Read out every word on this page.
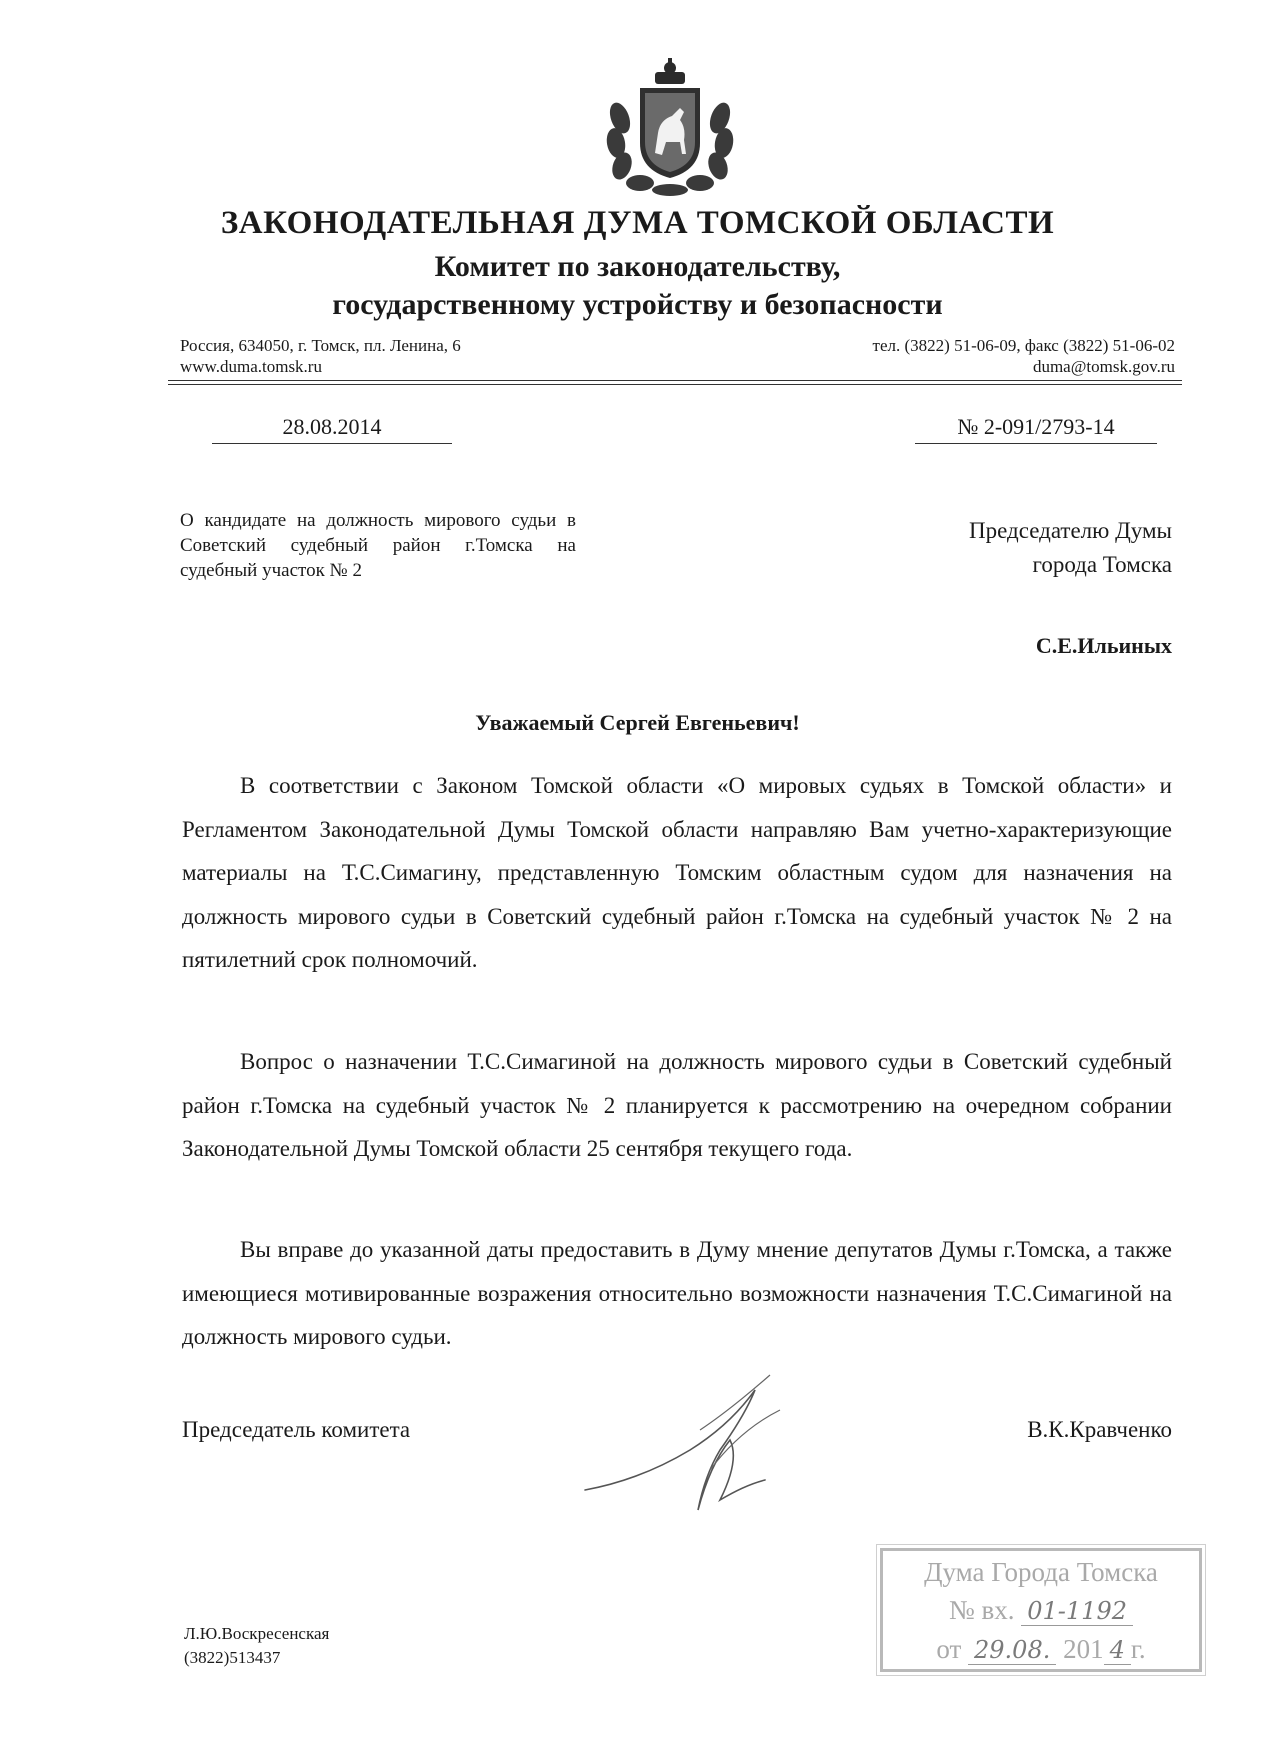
ЗАКОНОДАТЕЛЬНАЯ ДУМА ТОМСКОЙ ОБЛАСТИ
Комитет по законодательству,
государственному устройству и безопасности
Россия, 634050, г. Томск, пл. Ленина, 6
www.duma.tomsk.ru
тел. (3822) 51-06-09, факс (3822) 51-06-02
duma@tomsk.gov.ru
28.08.2014	№ 2-091/2793-14
О кандидате на должность мирового судьи в Советский судебный район г.Томска на судебный участок № 2
Председателю Думы
города Томска
С.Е.Ильиных
Уважаемый Сергей Евгеньевич!
В соответствии с Законом Томской области «О мировых судьях в Томской области» и Регламентом Законодательной Думы Томской области направляю Вам учетно-характеризующие материалы на Т.С.Симагину, представленную Томским областным судом для назначения на должность мирового судьи в Советский судебный район г.Томска на судебный участок № 2 на пятилетний срок полномочий.
Вопрос о назначении Т.С.Симагиной на должность мирового судьи в Советский судебный район г.Томска на судебный участок № 2 планируется к рассмотрению на очередном собрании Законодательной Думы Томской области 25 сентября текущего года.
Вы вправе до указанной даты предоставить в Думу мнение депутатов Думы г.Томска, а также имеющиеся мотивированные возражения относительно возможности назначения Т.С.Симагиной на должность мирового судьи.
Председатель комитета	В.К.Кравченко
Л.Ю.Воскресенская
(3822)513437
Дума Города Томска
№ вх. 01-1192
от 29.08. 201 4 г.
